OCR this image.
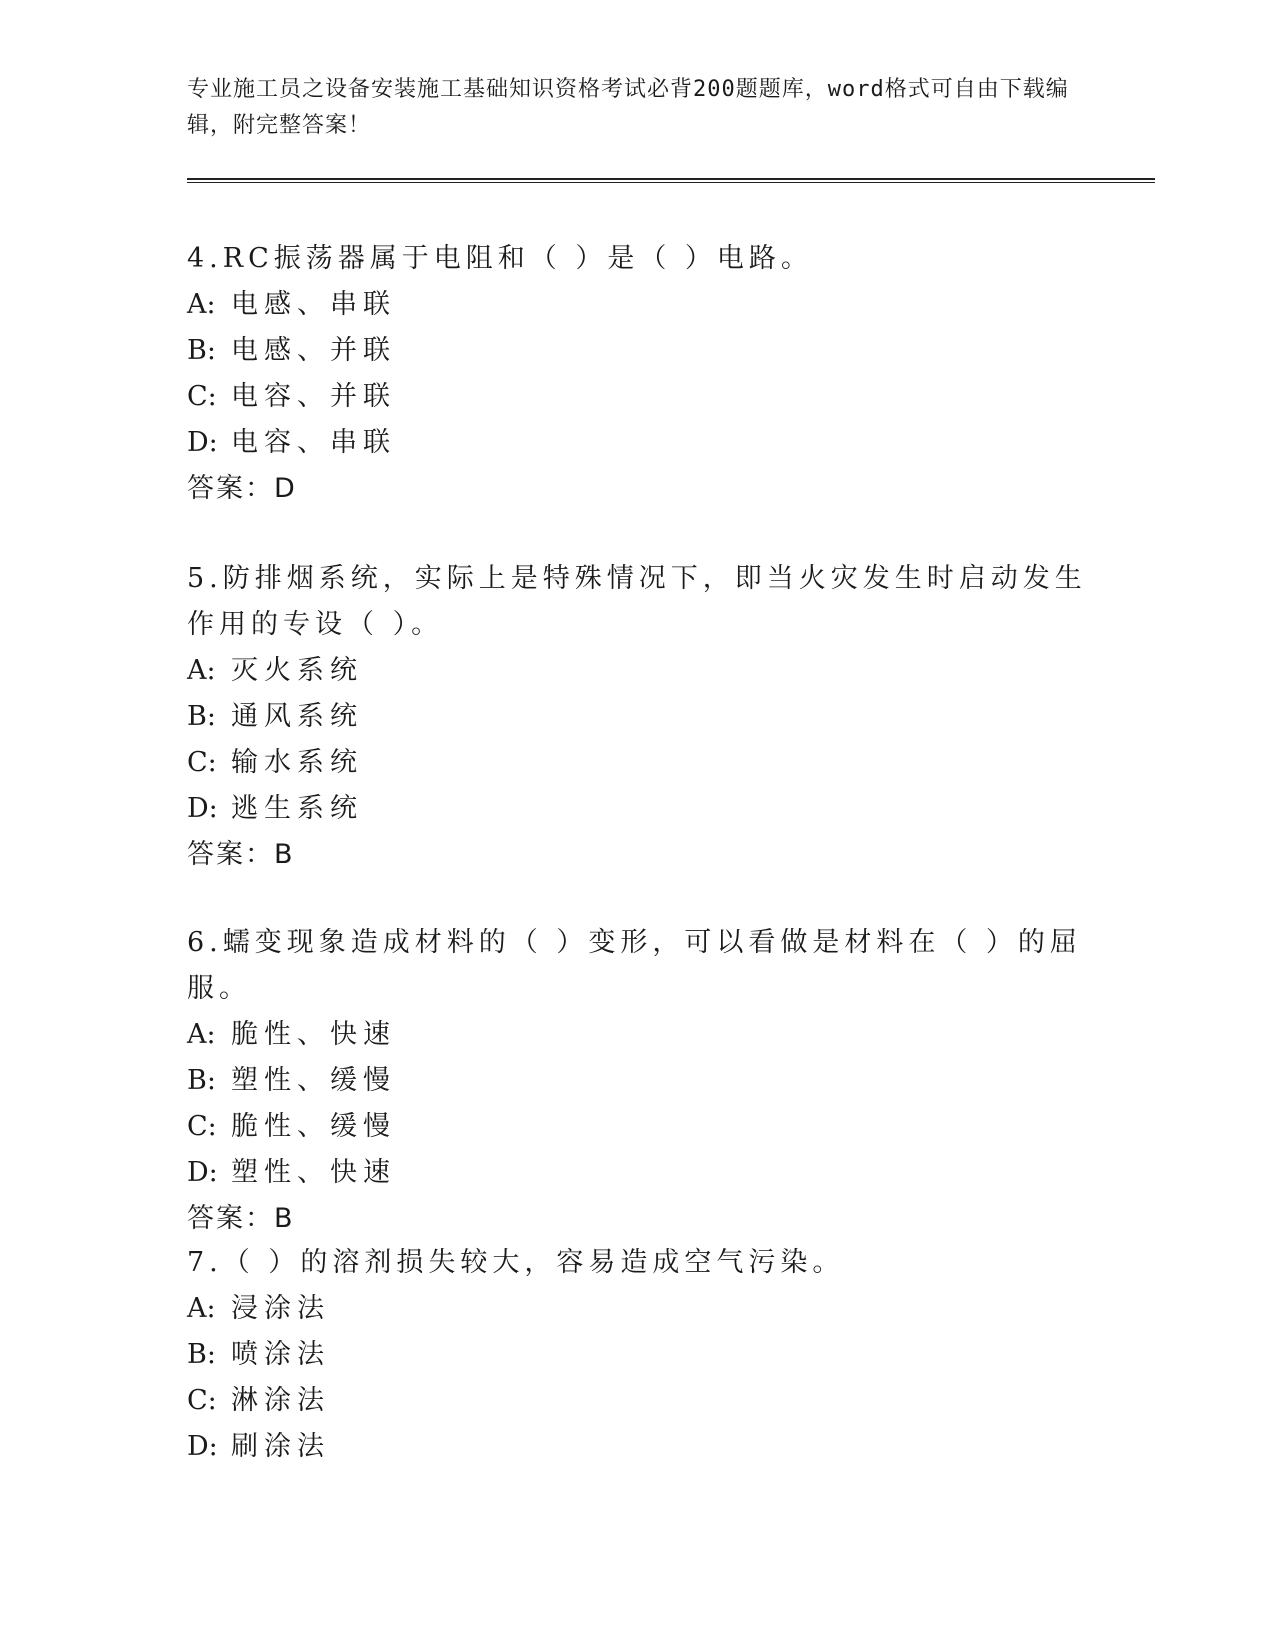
专业施工员之设备安装施工基础知识资格考试必背200题题库，word格式可自由下载编辑，附完整答案！

4.RC振荡器属于电阻和（ ）是（ ）电路。

A: 电感、串联
B: 电感、并联
C: 电容、并联
D: 电容、串联
答案：D

5.防排烟系统，实际上是特殊情况下，即当火灾发生时启动发生作用的专设（ ）。

A: 灭火系统
B: 通风系统
C: 输水系统
D: 逃生系统
答案：B

6.蠕变现象造成材料的（ ）变形，可以看做是材料在（ ）的屈服。

A: 脆性、快速
B: 塑性、缓慢
C: 脆性、缓慢
D: 塑性、快速
答案：B

7.（ ）的溶剂损失较大，容易造成空气污染。

A: 浸涂法
B: 喷涂法
C: 淋涂法
D: 刷涂法
